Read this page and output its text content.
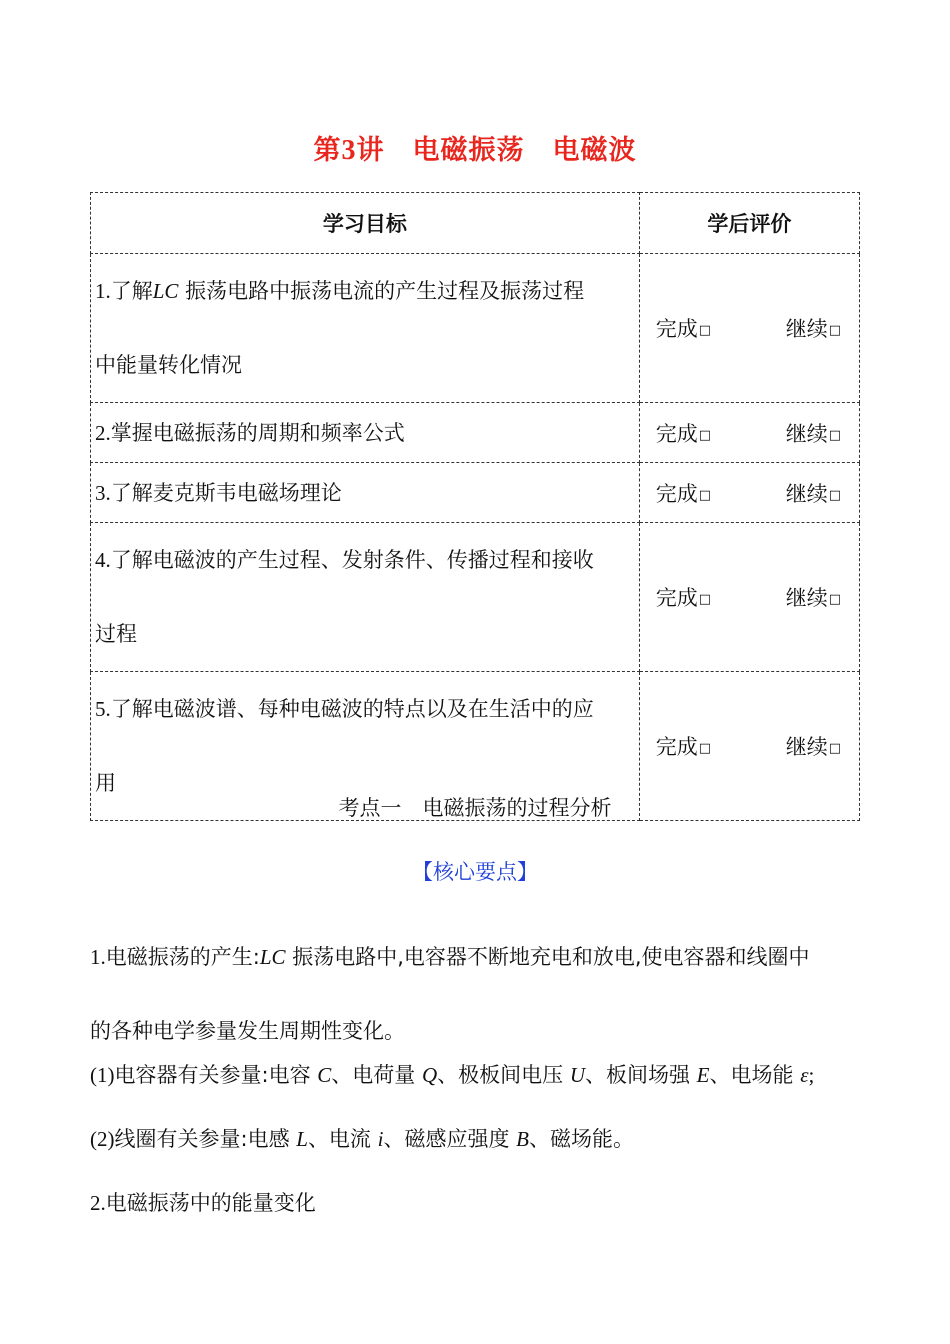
第3讲　 电磁振荡　 电磁波
学习目标	学后评价

1.了解LC 振荡电路中振荡电流的产生过程及振荡过程
中能量转化情况	完成□ 继续□

2.掌握电磁振荡的周期和频率公式	完成□ 继续□

3.了解麦克斯韦电磁场理论	完成□ 继续□

4.了解电磁波的产生过程、发射条件、传播过程和接收
过程	完成□ 继续□

5.了解电磁波谱、每种电磁波的特点以及在生活中的应
用	完成□ 继续□
考点一　电磁振荡的过程分析
【核心要点】
1.电磁振荡的产生:LC 振荡电路中,电容器不断地充电和放电,使电容器和线圈中
的各种电学参量发生周期性变化。
(1)电容器有关参量:电容 C、电荷量 Q、极板间电压 U、板间场强 E、电场能 ε;
(2)线圈有关参量:电感 L、电流 i、磁感应强度 B、磁场能。
2.电磁振荡中的能量变化
